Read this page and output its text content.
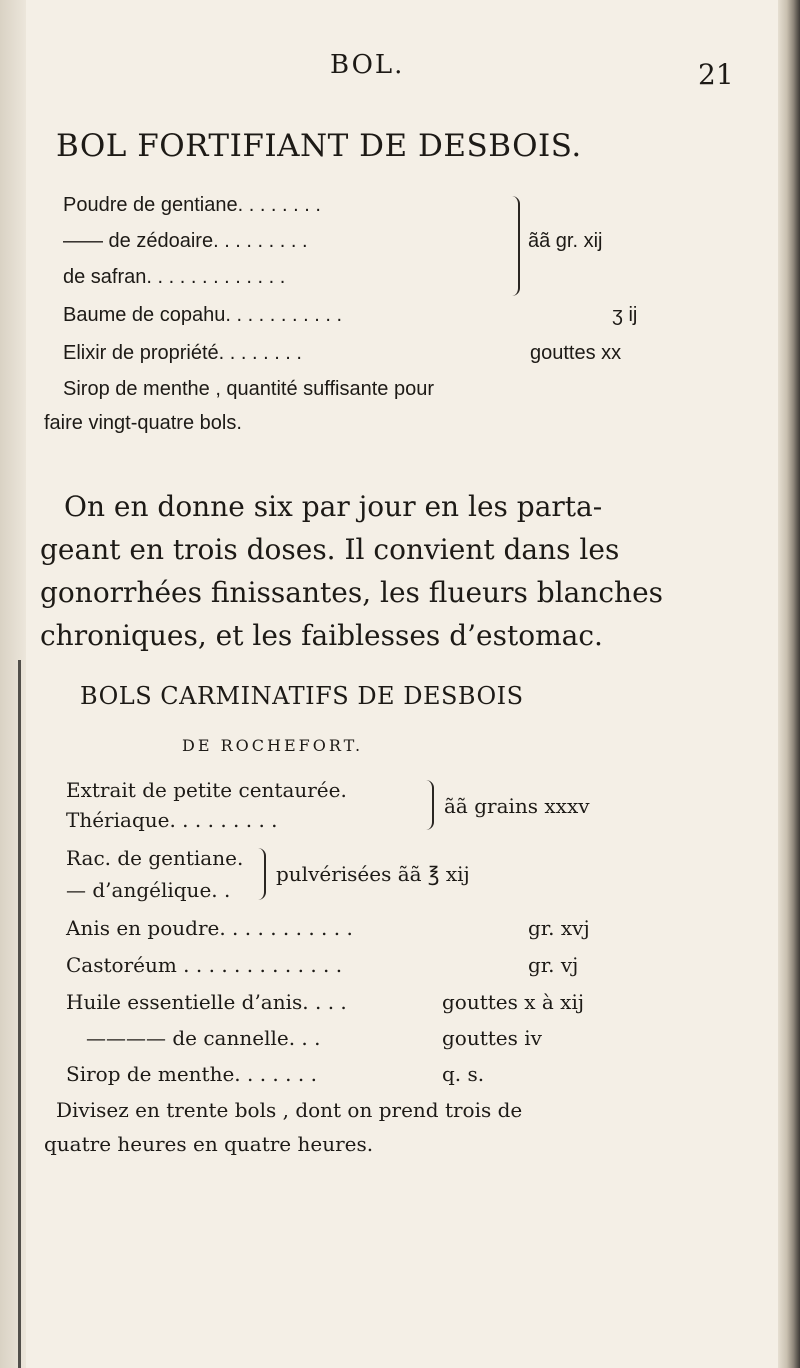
BOL.	21
BOL FORTIFIANT DE DESBOIS.
Poudre de gentiane. . . . . . . .
—— de zédoaire. . . . . . . . .
de safran. . . . . . . . . . . . .
ãã gr. xij
Baume de copahu. . . . . . . . . . .	ʒ ij
Elixir de propriété. . . . . . . .	gouttes xx
Sirop de menthe , quantité suffisante pour
faire vingt-quatre bols.
On en donne six par jour en les parta-
geant en trois doses. Il convient dans les
gonorrhées finissantes, les flueurs blanches
chroniques, et les faiblesses d’estomac.
BOLS CARMINATIFS DE DESBOIS
DE ROCHEFORT.
Extrait de petite centaurée.
Thériaque. . . . . . . . .
ãã grains xxxv
Rac. de gentiane.
— d’angélique. .
pulvérisées ãã ℥ xij
Anis en poudre. . . . . . . . . . .	gr. xvj
Castoréum . . . . . . . . . . . . .	gr. vj
Huile essentielle d’anis. . . .	gouttes x à xij
———— de cannelle. . .	gouttes iv
Sirop de menthe. . . . . . .	q. s.
Divisez en trente bols , dont on prend trois de
quatre heures en quatre heures.
